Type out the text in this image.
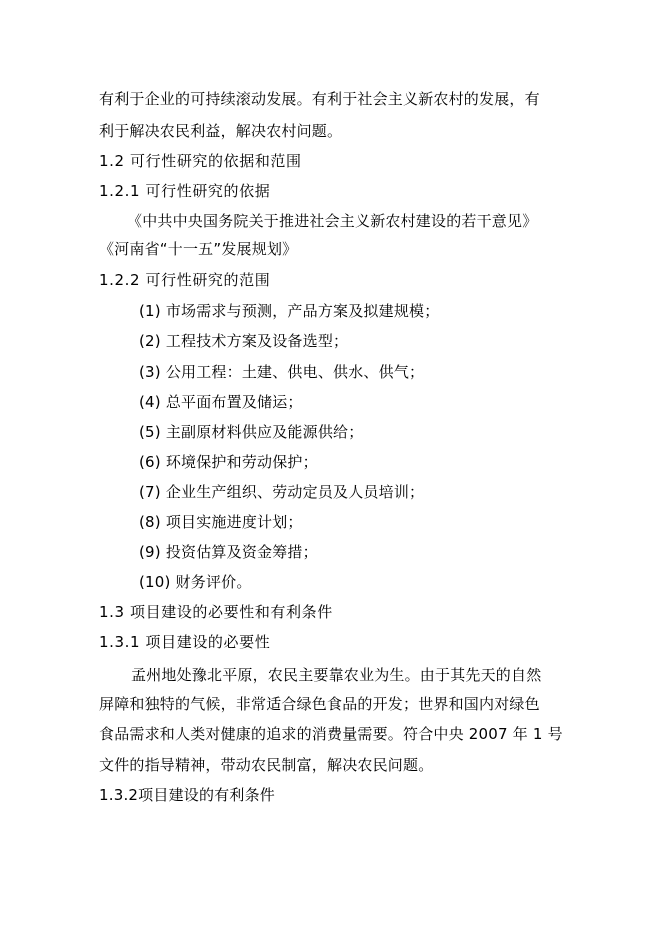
有利于企业的可持续滚动发展。有利于社会主义新农村的发展，有
利于解决农民利益，解决农村问题。
1.2 可行性研究的依据和范围
1.2.1 可行性研究的依据
《中共中央国务院关于推进社会主义新农村建设的若干意见》
《河南省“十一五”发展规划》
1.2.2 可行性研究的范围
(1) 市场需求与预测，产品方案及拟建规模；
(2) 工程技术方案及设备选型；
(3) 公用工程：土建、供电、供水、供气；
(4) 总平面布置及储运；
(5) 主副原材料供应及能源供给；
(6) 环境保护和劳动保护；
(7) 企业生产组织、劳动定员及人员培训；
(8) 项目实施进度计划；
(9) 投资估算及资金筹措；
(10) 财务评价。
1.3 项目建设的必要性和有利条件
1.3.1 项目建设的必要性
孟州地处豫北平原，农民主要靠农业为生。由于其先天的自然
屏障和独特的气候，非常适合绿色食品的开发；世界和国内对绿色
食品需求和人类对健康的追求的消费量需要。符合中央 2007 年 1 号
文件的指导精神，带动农民制富，解决农民问题。
1.3.2项目建设的有利条件
